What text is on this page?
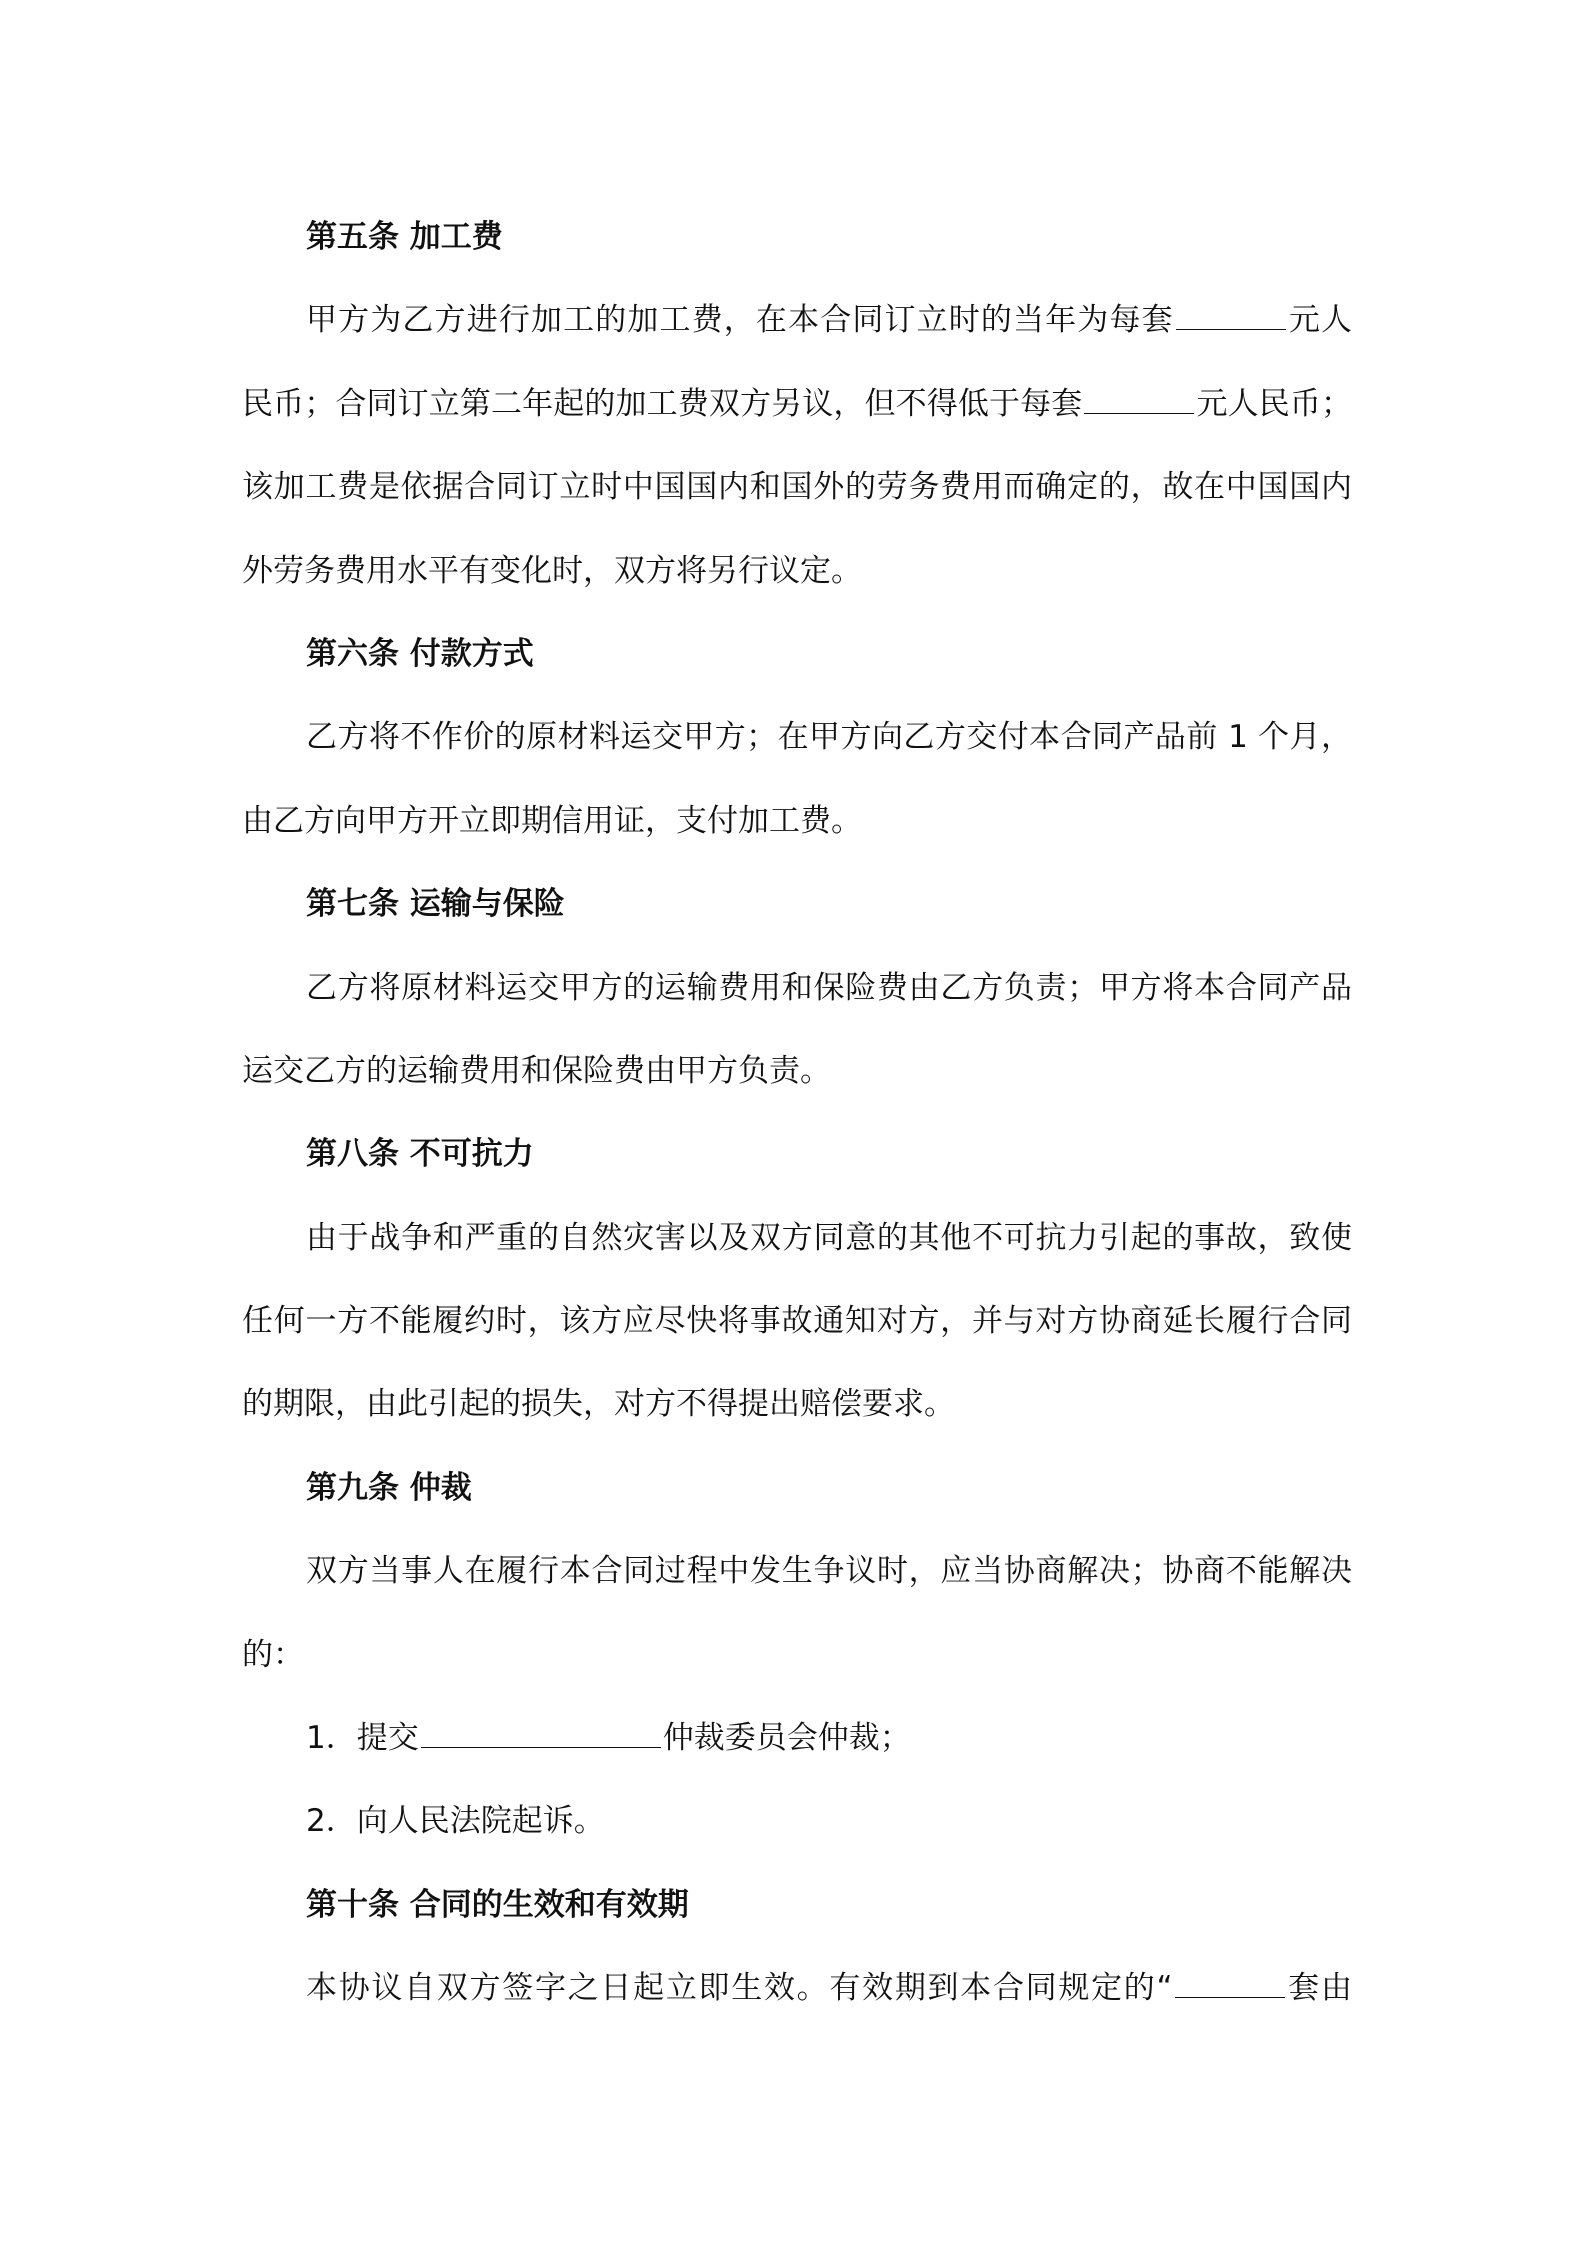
第五条 加工费
甲方为乙方进行加工的加工费，在本合同订立时的当年为每套	元人
民币；合同订立第二年起的加工费双方另议，但不得低于每套	元人民币；
该加工费是依据合同订立时中国国内和国外的劳务费用而确定的，故在中国国内
外劳务费用水平有变化时，双方将另行议定。
第六条 付款方式
乙方将不作价的原材料运交甲方；在甲方向乙方交付本合同产品前 1 个月，
由乙方向甲方开立即期信用证，支付加工费。
第七条 运输与保险
乙方将原材料运交甲方的运输费用和保险费由乙方负责；甲方将本合同产品
运交乙方的运输费用和保险费由甲方负责。
第八条 不可抗力
由于战争和严重的自然灾害以及双方同意的其他不可抗力引起的事故，致使
任何一方不能履约时，该方应尽快将事故通知对方，并与对方协商延长履行合同
的期限，由此引起的损失，对方不得提出赔偿要求。
第九条 仲裁
双方当事人在履行本合同过程中发生争议时，应当协商解决；协商不能解决
的：
1．提交	仲裁委员会仲裁；
2．向人民法院起诉。
第十条 合同的生效和有效期
本协议自双方签字之日起立即生效。有效期到本合同规定的“	套由
